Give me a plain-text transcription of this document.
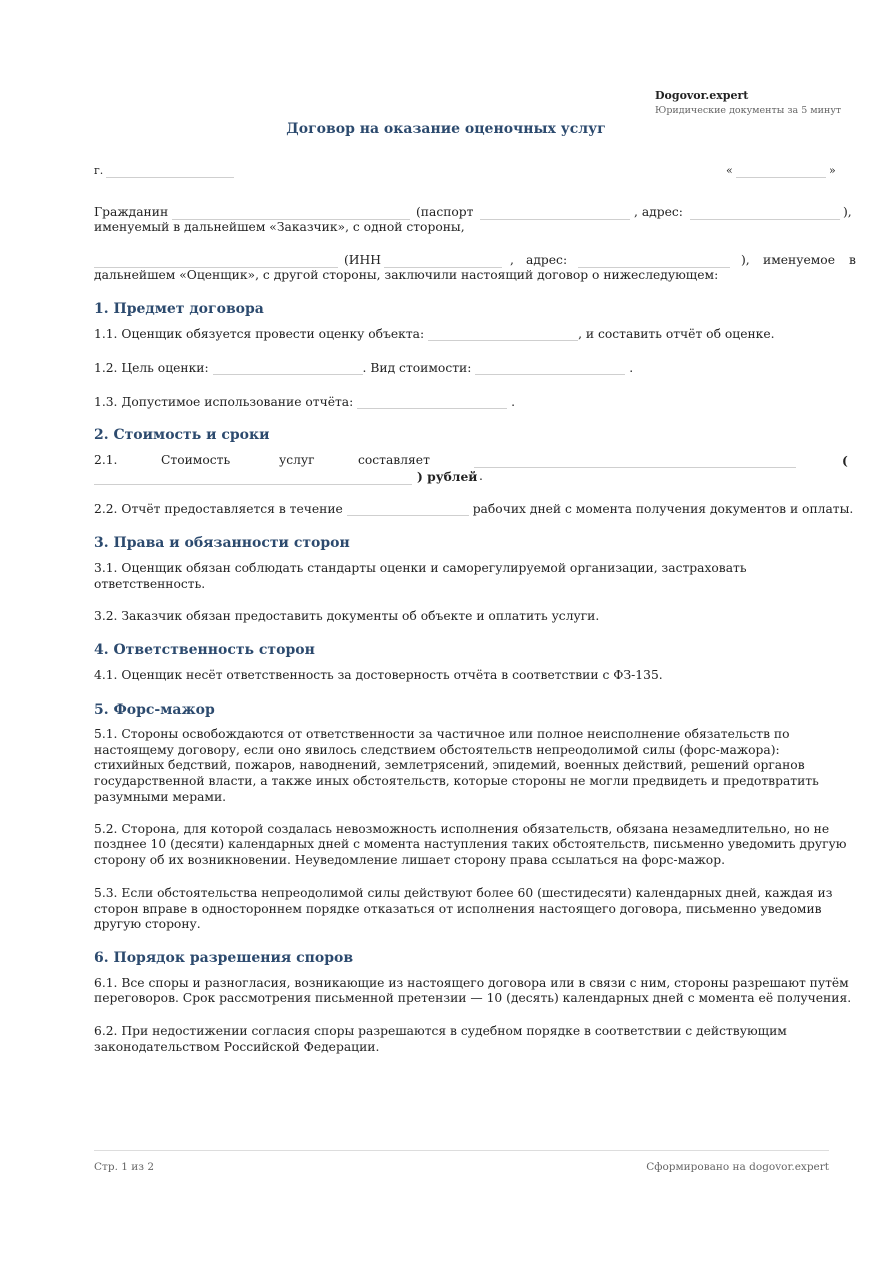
Dogovor.expert
Юридические документы за 5 минут
Договор на оказание оценочных услуг
г.	«	»
Гражданин	(паспорт	, адрес:	),
именуемый в дальнейшем «Заказчик», с одной стороны,
(ИНН	, адрес:	), именуемое в
дальнейшем «Оценщик», с другой стороны, заключили настоящий договор о нижеследующем:
1. Предмет договора
1.1. Оценщик обязуется провести оценку объекта:	, и составить отчёт об оценке.
1.2. Цель оценки:	. Вид стоимости:	.
1.3. Допустимое использование отчёта:	.
2. Стоимость и сроки
2.1.	Стоимость	услуг	составляет	(
) рублей .
2.2. Отчёт предоставляется в течение	рабочих дней с момента получения документов и оплаты.
3. Права и обязанности сторон
3.1. Оценщик обязан соблюдать стандарты оценки и саморегулируемой организации, застраховать
ответственность.
3.2. Заказчик обязан предоставить документы об объекте и оплатить услуги.
4. Ответственность сторон
4.1. Оценщик несёт ответственность за достоверность отчёта в соответствии с ФЗ-135.
5. Форс-мажор
5.1. Стороны освобождаются от ответственности за частичное или полное неисполнение обязательств по
настоящему договору, если оно явилось следствием обстоятельств непреодолимой силы (форс-мажора):
стихийных бедствий, пожаров, наводнений, землетрясений, эпидемий, военных действий, решений органов
государственной власти, а также иных обстоятельств, которые стороны не могли предвидеть и предотвратить
разумными мерами.
5.2. Сторона, для которой создалась невозможность исполнения обязательств, обязана незамедлительно, но не
позднее 10 (десяти) календарных дней с момента наступления таких обстоятельств, письменно уведомить другую
сторону об их возникновении. Неуведомление лишает сторону права ссылаться на форс-мажор.
5.3. Если обстоятельства непреодолимой силы действуют более 60 (шестидесяти) календарных дней, каждая из
сторон вправе в одностороннем порядке отказаться от исполнения настоящего договора, письменно уведомив
другую сторону.
6. Порядок разрешения споров
6.1. Все споры и разногласия, возникающие из настоящего договора или в связи с ним, стороны разрешают путём
переговоров. Срок рассмотрения письменной претензии — 10 (десять) календарных дней с момента её получения.
6.2. При недостижении согласия споры разрешаются в судебном порядке в соответствии с действующим
законодательством Российской Федерации.
Стр. 1 из 2	Сформировано на dogovor.expert
